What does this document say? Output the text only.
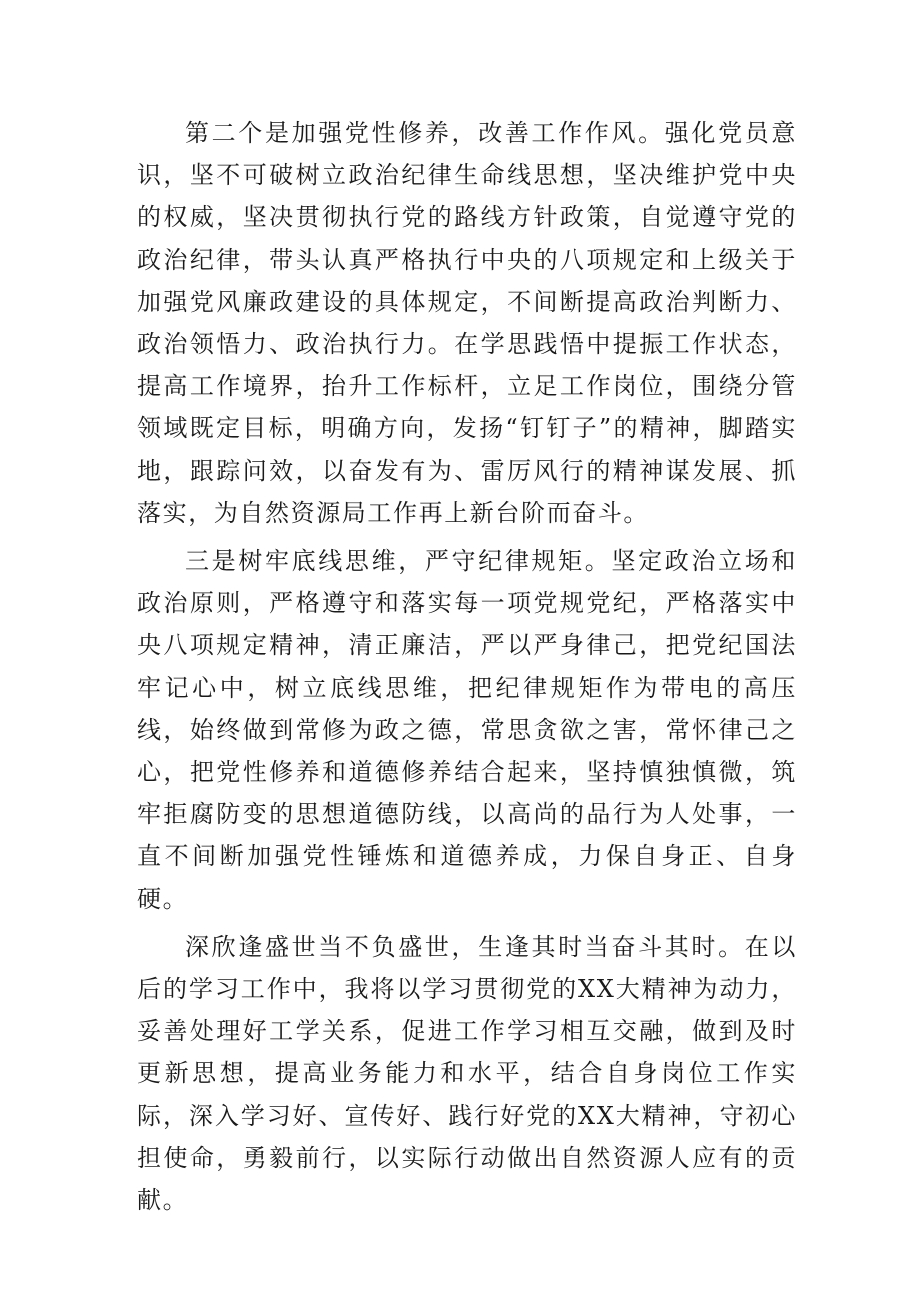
第二个是加强党性修养，改善工作作风。强化党员意识，坚不可破树立政治纪律生命线思想，坚决维护党中央的权威，坚决贯彻执行党的路线方针政策，自觉遵守党的政治纪律，带头认真严格执行中央的八项规定和上级关于加强党风廉政建设的具体规定，不间断提高政治判断力、政治领悟力、政治执行力。在学思践悟中提振工作状态，提高工作境界，抬升工作标杆，立足工作岗位，围绕分管领域既定目标，明确方向，发扬“钉钉子”的精神，脚踏实地，跟踪问效，以奋发有为、雷厉风行的精神谋发展、抓落实，为自然资源局工作再上新台阶而奋斗。

三是树牢底线思维，严守纪律规矩。坚定政治立场和政治原则，严格遵守和落实每一项党规党纪，严格落实中央八项规定精神，清正廉洁，严以严身律己，把党纪国法牢记心中，树立底线思维，把纪律规矩作为带电的高压线，始终做到常修为政之德，常思贪欲之害，常怀律己之心，把党性修养和道德修养结合起来，坚持慎独慎微，筑牢拒腐防变的思想道德防线，以高尚的品行为人处事，一直不间断加强党性锤炼和道德养成，力保自身正、自身硬。

深欣逢盛世当不负盛世，生逢其时当奋斗其时。在以后的学习工作中，我将以学习贯彻党的XX大精神为动力，妥善处理好工学关系，促进工作学习相互交融，做到及时更新思想，提高业务能力和水平，结合自身岗位工作实际，深入学习好、宣传好、践行好党的XX大精神，守初心担使命，勇毅前行，以实际行动做出自然资源人应有的贡献。
